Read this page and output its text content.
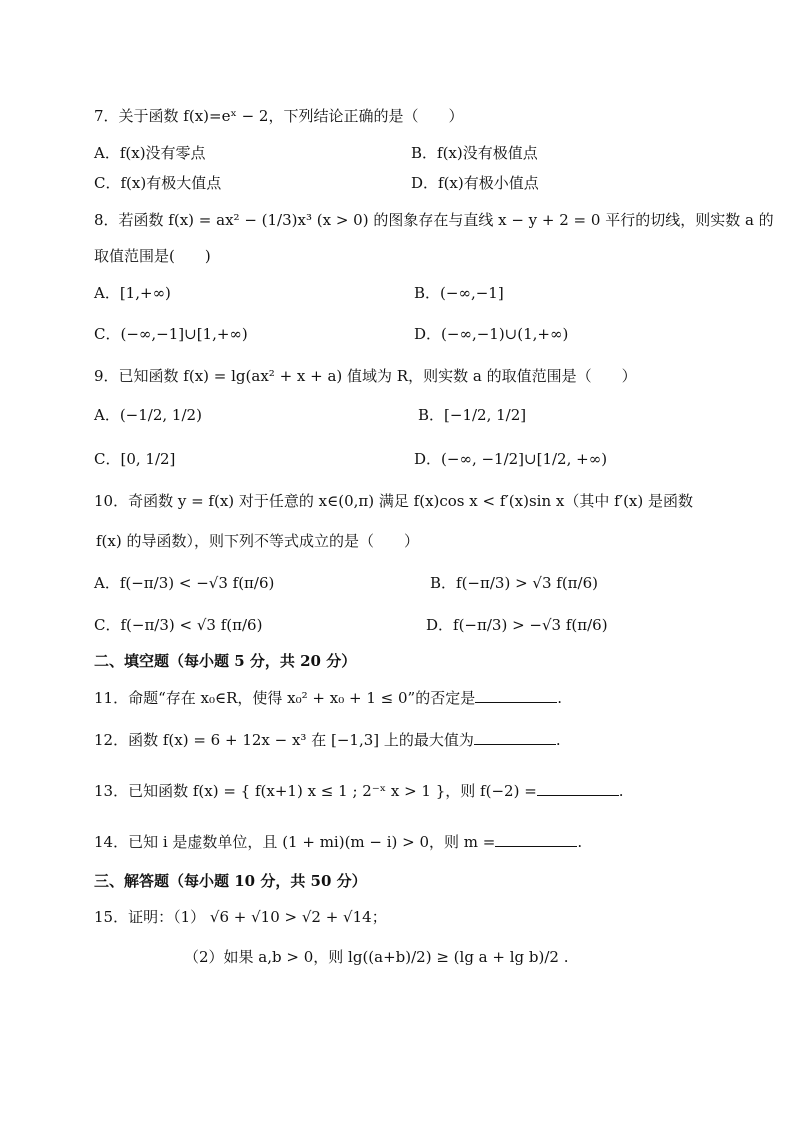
7．关于函数 f(x)=eˣ − 2，下列结论正确的是（　　）
A．f(x)没有零点	B．f(x)没有极值点
C．f(x)有极大值点	D．f(x)有极小值点
8．若函数 f(x) = ax² − (1/3)x³ (x > 0) 的图象存在与直线 x − y + 2 = 0 平行的切线，则实数 a 的
取值范围是(　　)
A．[1,+∞)	B．(−∞,−1]
C．(−∞,−1]∪[1,+∞)	D．(−∞,−1)∪(1,+∞)
9．已知函数 f(x) = lg(ax² + x + a) 值域为 R，则实数 a 的取值范围是（　　）
A．(−1/2, 1/2)	B．[−1/2, 1/2]
C．[0, 1/2]	D．(−∞, −1/2]∪[1/2, +∞)
10．奇函数 y = f(x) 对于任意的 x∈(0,π) 满足 f(x)cos x < f′(x)sin x（其中 f′(x) 是函数
f(x) 的导函数），则下列不等式成立的是（　　）
A．f(−π/3) < −√3 f(π/6)	B．f(−π/3) > √3 f(π/6)
C．f(−π/3) < √3 f(π/6)	D．f(−π/3) > −√3 f(π/6)
二、填空题（每小题 5 分，共 20 分）
11．命题“存在 x₀∈R，使得 x₀² + x₀ + 1 ≤ 0”的否定是	.
12．函数 f(x) = 6 + 12x − x³ 在 [−1,3] 上的最大值为	.
13．已知函数 f(x) = { f(x+1) x ≤ 1 ; 2⁻ˣ x > 1 }，则 f(−2) =	.
14．已知 i 是虚数单位，且 (1 + mi)(m − i) > 0，则 m =	.
三、解答题（每小题 10 分，共 50 分）
15．证明：（1） √6 + √10 > √2 + √14；
（2）如果 a,b > 0，则 lg((a+b)/2) ≥ (lg a + lg b)/2 .
